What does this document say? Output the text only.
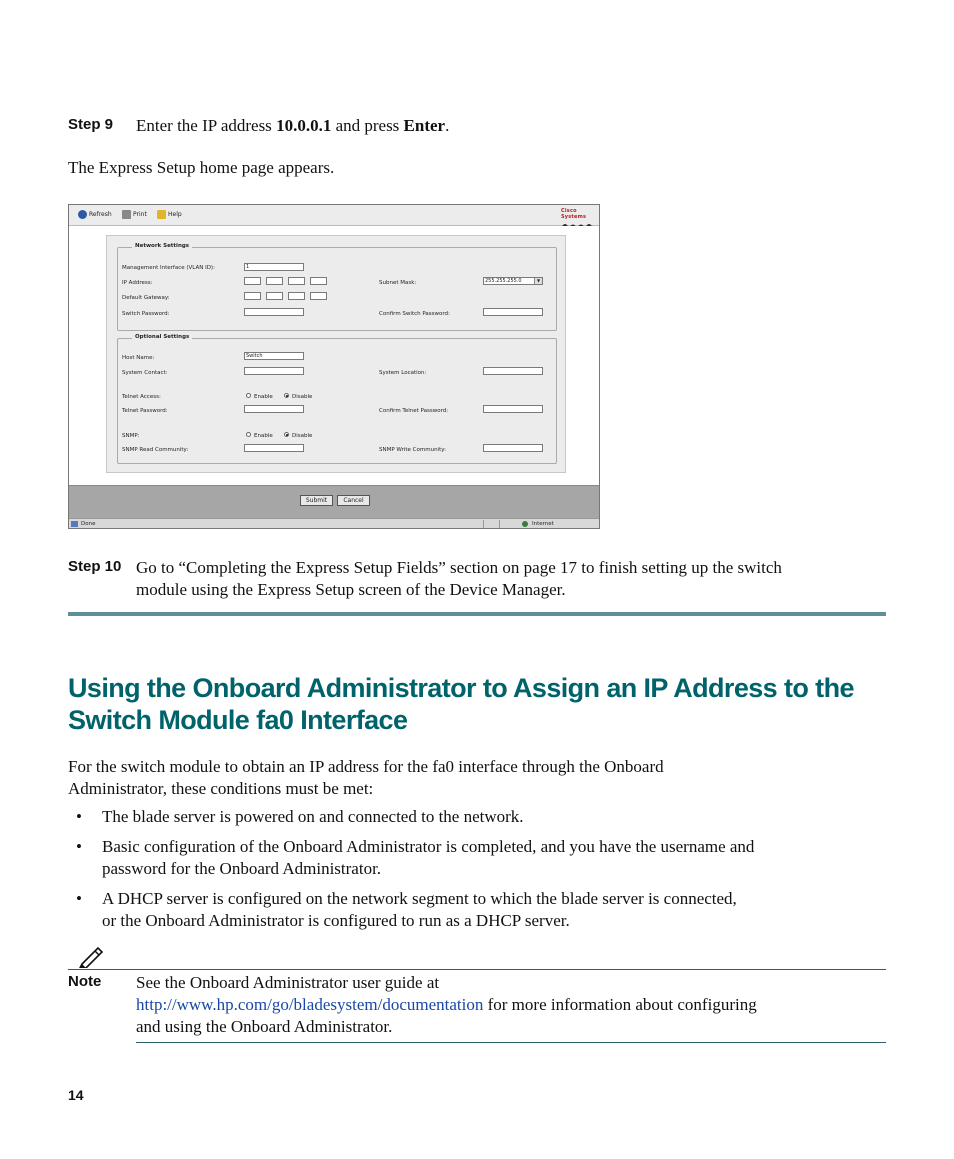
Step 9 Enter the IP address 10.0.0.1 and press Enter.
The Express Setup home page appears.
Refresh	Print	Help	Cisco Systems
Network Settings
Management Interface (VLAN ID):	1
IP Address:	Subnet Mask:	255.255.255.0	▼
Default Gateway:
Switch Password:	Confirm Switch Password:
Optional Settings
Host Name:	Switch
System Contact:	System Location:
Telnet Access:	Enable	Disable
Telnet Password:	Confirm Telnet Password:
SNMP:	Enable	Disable
SNMP Read Community:	SNMP Write Community:
Submit	Cancel
Done	Internet
Step 10 Go to “Completing the Express Setup Fields” section on page 17 to finish setting up the switch
module using the Express Setup screen of the Device Manager.
Using the Onboard Administrator to Assign an IP Address to the
Switch Module fa0 Interface
For the switch module to obtain an IP address for the fa0 interface through the Onboard
Administrator, these conditions must be met:
• The blade server is powered on and connected to the network.
• Basic configuration of the Onboard Administrator is completed, and you have the username and
password for the Onboard Administrator.
• A DHCP server is configured on the network segment to which the blade server is connected,
or the Onboard Administrator is configured to run as a DHCP server.
Note See the Onboard Administrator user guide at
http://www.hp.com/go/bladesystem/documentation for more information about configuring
and using the Onboard Administrator.
14
